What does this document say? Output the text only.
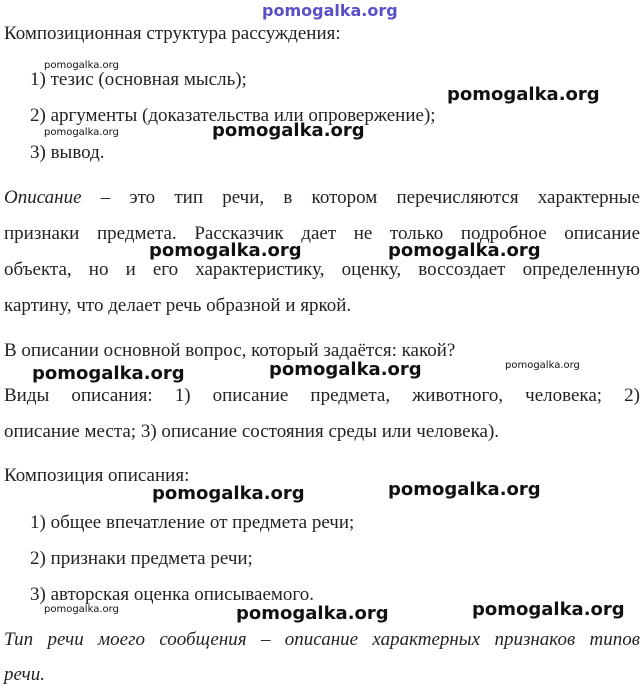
Композиционная структура рассуждения:
1) тезис (основная мысль);
2) аргументы (доказательства или опровержение);
3) вывод.
Описание – это тип речи, в котором перечисляются характерные
признаки предмета. Рассказчик дает не только подробное описание
объекта, но и его характеристику, оценку, воссоздает определенную
картину, что делает речь образной и яркой.
В описании основной вопрос, который задаётся: какой?
Виды описания: 1) описание предмета, животного, человека; 2)
описание места; 3) описание состояния среды или человека).
Композиция описания:
1) общее впечатление от предмета речи;
2) признаки предмета речи;
3) авторская оценка описываемого.
Тип речи моего сообщения – описание характерных признаков типов
речи.
pomogalka.org
pomogalka.org
pomogalka.org
pomogalka.org
pomogalka.org
pomogalka.org	pomogalka.org
pomogalka.org	pomogalka.org	pomogalka.org
pomogalka.org	pomogalka.org
pomogalka.org	pomogalka.org	pomogalka.org
